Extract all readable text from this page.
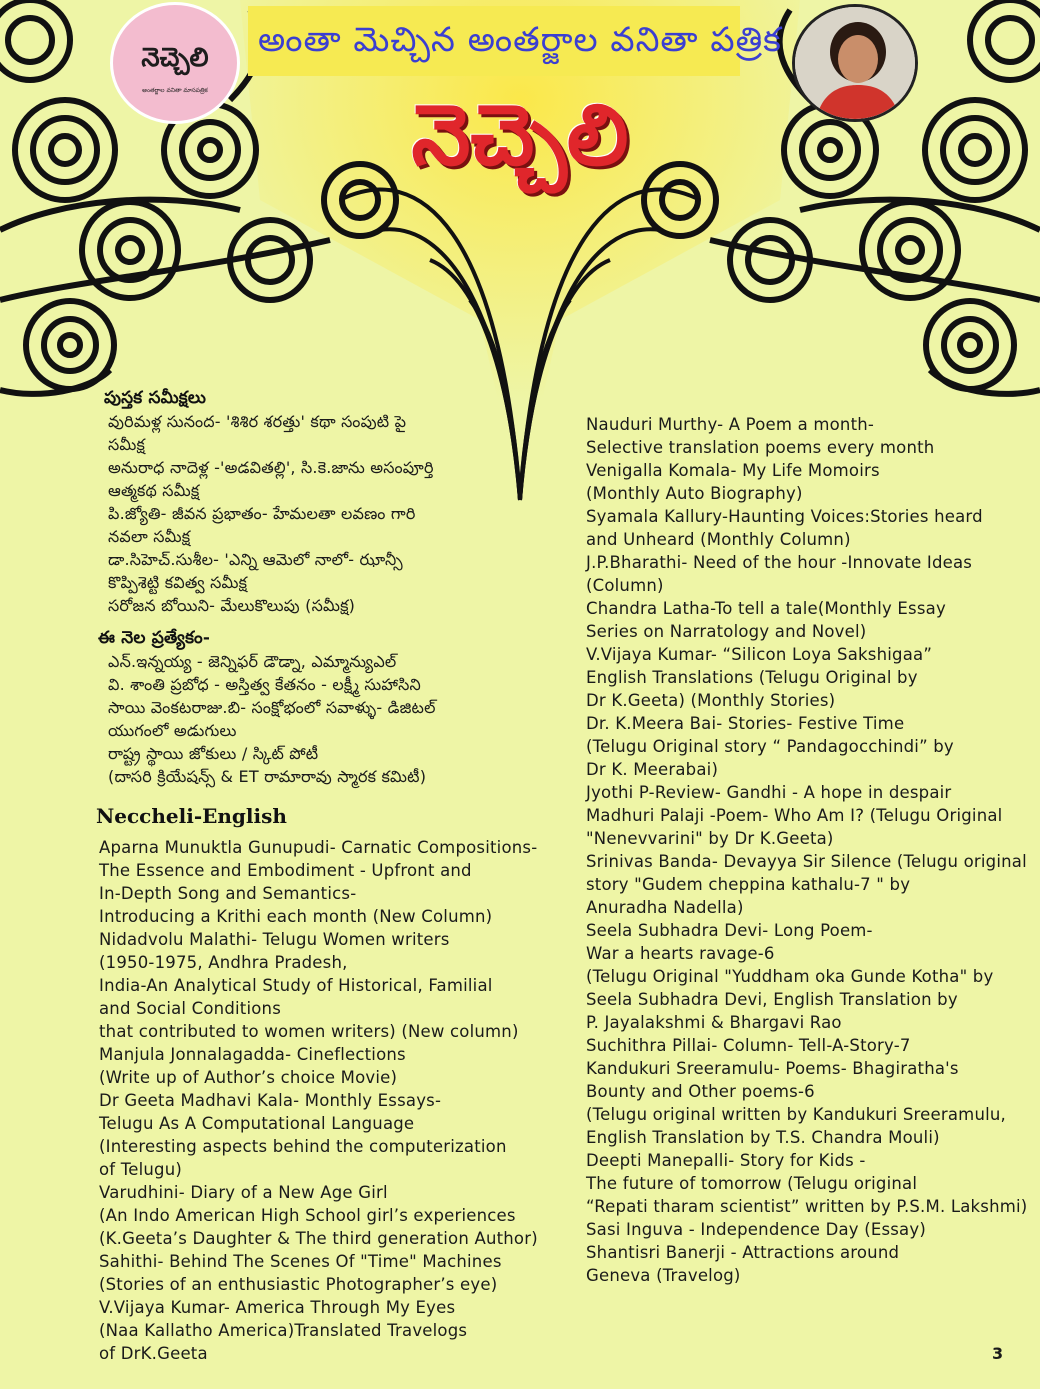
అంతా మెచ్చిన అంతర్జాల వనితా పత్రిక
నెచ్చెలి
నెచ్చెలి
అంతర్జాల వనితా మాసపత్రిక
పుస్తక సమీక్షలు
వురిమళ్ల సునంద- 'శిశిర శరత్తు' కథా సంపుటి పై
సమీక్ష
అనురాధ నాదెళ్ల -'అడవితల్లి', సి.కె.జాను అసంపూర్తి
ఆత్మకథ సమీక్ష
పి.జ్యోతి- జీవన ప్రభాతం- హేమలతా లవణం గారి
నవలా సమీక్ష
డా.సిహెచ్.సుశీల- 'ఎన్ని ఆమెలో నాలో- ఝాన్సీ
కొప్పిశెట్టి కవిత్వ సమీక్ష
సరోజన బోయిని- మేలుకొలుపు (సమీక్ష)
ఈ నెల ప్రత్యేకం-
ఎన్.ఇన్నయ్య - జెన్నిఫర్ డౌడ్నా, ఎమ్మాన్యుఎల్
వి. శాంతి ప్రబోధ - అస్తిత్వ కేతనం - లక్ష్మీ సుహాసిని
సాయి వెంకటరాజు.బి- సంక్షోభంలో సవాళ్ళు- డిజిటల్
యుగంలో అడుగులు
రాష్ట్ర స్థాయి జోకులు / స్కిట్ పోటీ
(దాసరి క్రియేషన్స్ & ET రామారావు స్మారక కమిటీ)
Neccheli-English
Aparna Munuktla Gunupudi- Carnatic Compositions-
The Essence and Embodiment - Upfront and
In-Depth Song and Semantics-
Introducing a Krithi each month (New Column)
Nidadvolu Malathi- Telugu Women writers
(1950-1975, Andhra Pradesh,
India-An Analytical Study of Historical, Familial
and Social Conditions
that contributed to women writers) (New column)
Manjula Jonnalagadda- Cineflections
(Write up of Author’s choice Movie)
Dr Geeta Madhavi Kala- Monthly Essays-
Telugu As A Computational Language
(Interesting aspects behind the computerization
of Telugu)
Varudhini- Diary of a New Age Girl
(An Indo American High School girl’s experiences
(K.Geeta’s Daughter & The third generation Author)
Sahithi- Behind The Scenes Of "Time" Machines
(Stories of an enthusiastic Photographer’s eye)
V.Vijaya Kumar- America Through My Eyes
(Naa Kallatho America)Translated Travelogs
of DrK.Geeta
Nauduri Murthy- A Poem a month-
Selective translation poems every month
Venigalla Komala- My Life Momoirs
(Monthly Auto Biography)
Syamala Kallury-Haunting Voices:Stories heard
and Unheard (Monthly Column)
J.P.Bharathi- Need of the hour -Innovate Ideas
(Column)
Chandra Latha-To tell a tale(Monthly Essay
Series on Narratology and Novel)
V.Vijaya Kumar- “Silicon Loya Sakshigaa”
English Translations (Telugu Original by
Dr K.Geeta) (Monthly Stories)
Dr. K.Meera Bai- Stories- Festive Time
(Telugu Original story “ Pandagocchindi” by
Dr K. Meerabai)
Jyothi P-Review- Gandhi - A hope in despair
Madhuri Palaji -Poem- Who Am I? (Telugu Original
"Nenevvarini" by Dr K.Geeta)
Srinivas Banda- Devayya Sir Silence (Telugu original
story "Gudem cheppina kathalu-7 " by
Anuradha Nadella)
Seela Subhadra Devi- Long Poem-
War a hearts ravage-6
(Telugu Original "Yuddham oka Gunde Kotha" by
Seela Subhadra Devi, English Translation by
P. Jayalakshmi & Bhargavi Rao
Suchithra Pillai- Column- Tell-A-Story-7
Kandukuri Sreeramulu- Poems- Bhagiratha's
Bounty and Other poems-6
(Telugu original written by Kandukuri Sreeramulu,
English Translation by T.S. Chandra Mouli)
Deepti Manepalli- Story for Kids -
The future of tomorrow (Telugu original
“Repati tharam scientist” written by P.S.M. Lakshmi)
Sasi Inguva - Independence Day (Essay)
Shantisri Banerji - Attractions around
Geneva (Travelog)
3
